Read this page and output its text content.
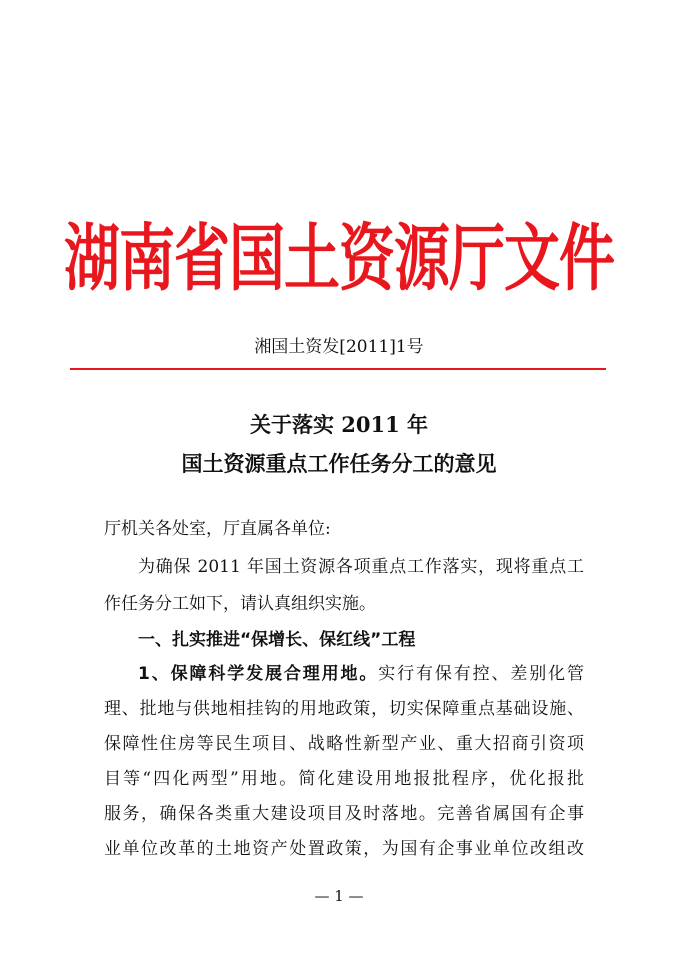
湖南省国土资源厅文件
湘国土资发[2011]1号
关于落实 2011 年
国土资源重点工作任务分工的意见
厅机关各处室，厅直属各单位:
为确保 2011 年国土资源各项重点工作落实，现将重点工
作任务分工如下，请认真组织实施。
一、扎实推进“保增长、保红线”工程
1、保障科学发展合理用地。实行有保有控、差别化管
理、批地与供地相挂钩的用地政策，切实保障重点基础设施、
保障性住房等民生项目、战略性新型产业、重大招商引资项
目等“四化两型”用地。简化建设用地报批程序，优化报批
服务，确保各类重大建设项目及时落地。完善省属国有企事
业单位改革的土地资产处置政策，为国有企事业单位改组改
— 1 —
